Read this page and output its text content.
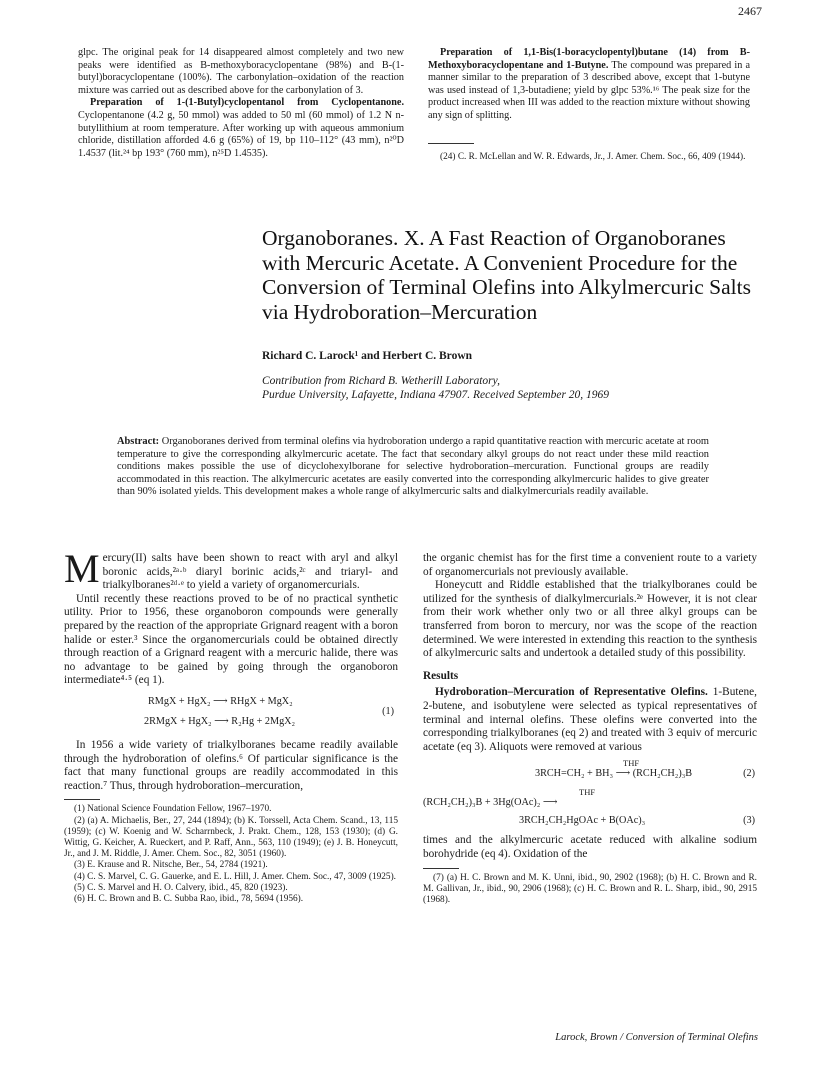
2467

glpc. The original peak for 14 disappeared almost completely and two new peaks were identified as B-methoxyboracyclopentane (98%) and B-(1-butyl)boracyclopentane (100%). The carbonylation–oxidation of the reaction mixture was carried out as described above for the carbonylation of 3.

Preparation of 1-(1-Butyl)cyclopentanol from Cyclopentanone. Cyclopentanone (4.2 g, 50 mmol) was added to 50 ml (60 mmol) of 1.2 N n-butyllithium at room temperature. After working up with aqueous ammonium chloride, distillation afforded 4.6 g (65%) of 19, bp 110–112° (43 mm), n²⁰D 1.4537 (lit.²⁴ bp 193° (760 mm), n²⁵D 1.4535).

Preparation of 1,1-Bis(1-boracyclopentyl)butane (14) from B-Methoxyboracyclopentane and 1-Butyne. The compound was prepared in a manner similar to the preparation of 3 described above, except that 1-butyne was used instead of 1,3-butadiene; yield by glpc 53%.¹⁶ The peak size for the product increased when III was added to the reaction mixture without showing any sign of splitting.

(24) C. R. McLellan and W. R. Edwards, Jr., J. Amer. Chem. Soc., 66, 409 (1944).

Organoboranes. X. A Fast Reaction of Organoboranes with Mercuric Acetate. A Convenient Procedure for the Conversion of Terminal Olefins into Alkylmercuric Salts via Hydroboration–Mercuration
Richard C. Larock¹ and Herbert C. Brown
Contribution from Richard B. Wetherill Laboratory,
Purdue University, Lafayette, Indiana 47907. Received September 20, 1969
Abstract: Organoboranes derived from terminal olefins via hydroboration undergo a rapid quantitative reaction with mercuric acetate at room temperature to give the corresponding alkylmercuric acetate. The fact that secondary alkyl groups do not react under these mild reaction conditions makes possible the use of dicyclohexylborane for selective hydroboration–mercuration. Functional groups are readily accommodated in this reaction. The alkylmercuric acetates are easily converted into the corresponding alkylmercuric halides to give greater than 90% isolated yields. This development makes a whole range of alkylmercuric salts and dialkylmercurials readily available.

Mercury(II) salts have been shown to react with aryl and alkyl boronic acids,²ᵃ·ᵇ diaryl borinic acids,²ᶜ and triaryl- and trialkylboranes²ᵈ·ᵉ to yield a variety of organomercurials.

Until recently these reactions proved to be of no practical synthetic utility. Prior to 1956, these organoboron compounds were generally prepared by the reaction of the appropriate Grignard reagent with a boron halide or ester.³ Since the organomercurials could be obtained directly through reaction of a Grignard reagent with a mercuric halide, there was no advantage to be gained by going through the organoboron intermediate⁴·⁵ (eq 1).

RMgX + HgX₂ ⟶ RHgX + MgX₂
2RMgX + HgX₂ ⟶ R₂Hg + 2MgX₂
(1)

In 1956 a wide variety of trialkylboranes became readily available through the hydroboration of olefins.⁶ Of particular significance is the fact that many functional groups are readily accommodated in this reaction.⁷ Thus, through hydroboration–mercuration,

(1) National Science Foundation Fellow, 1967–1970.

(2) (a) A. Michaelis, Ber., 27, 244 (1894); (b) K. Torssell, Acta Chem. Scand., 13, 115 (1959); (c) W. Koenig and W. Scharrnbeck, J. Prakt. Chem., 128, 153 (1930); (d) G. Wittig, G. Keicher, A. Rueckert, and P. Raff, Ann., 563, 110 (1949); (e) J. B. Honeycutt, Jr., and J. M. Riddle, J. Amer. Chem. Soc., 82, 3051 (1960).

(3) E. Krause and R. Nitsche, Ber., 54, 2784 (1921).

(4) C. S. Marvel, C. G. Gauerke, and E. L. Hill, J. Amer. Chem. Soc., 47, 3009 (1925).

(5) C. S. Marvel and H. O. Calvery, ibid., 45, 820 (1923).

(6) H. C. Brown and B. C. Subba Rao, ibid., 78, 5694 (1956).

the organic chemist has for the first time a convenient route to a variety of organomercurials not previously available.

Honeycutt and Riddle established that the trialkylboranes could be utilized for the synthesis of dialkylmercurials.²ᵉ However, it is not clear from their work whether only two or all three alkyl groups can be transferred from boron to mercury, nor was the scope of the reaction determined. We were interested in extending this reaction to the synthesis of alkylmercuric salts and undertook a detailed study of this possibility.

Results

Hydroboration–Mercuration of Representative Olefins. 1-Butene, 2-butene, and isobutylene were selected as typical representatives of terminal and internal olefins. These olefins were converted into the corresponding trialkylboranes (eq 2) and treated with 3 equiv of mercuric acetate (eq 3). Aliquots were removed at various

THF
3RCH=CH₂ + BH₃ ⟶ (RCH₂CH₂)₃B	(2)
THF
(RCH₂CH₂)₃B + 3Hg(OAc)₂ ⟶
3RCH₂CH₂HgOAc + B(OAc)₃	(3)

times and the alkylmercuric acetate reduced with alkaline sodium borohydride (eq 4). Oxidation of the

(7) (a) H. C. Brown and M. K. Unni, ibid., 90, 2902 (1968); (b) H. C. Brown and R. M. Gallivan, Jr., ibid., 90, 2906 (1968); (c) H. C. Brown and R. L. Sharp, ibid., 90, 2915 (1968).

Larock, Brown / Conversion of Terminal Olefins
